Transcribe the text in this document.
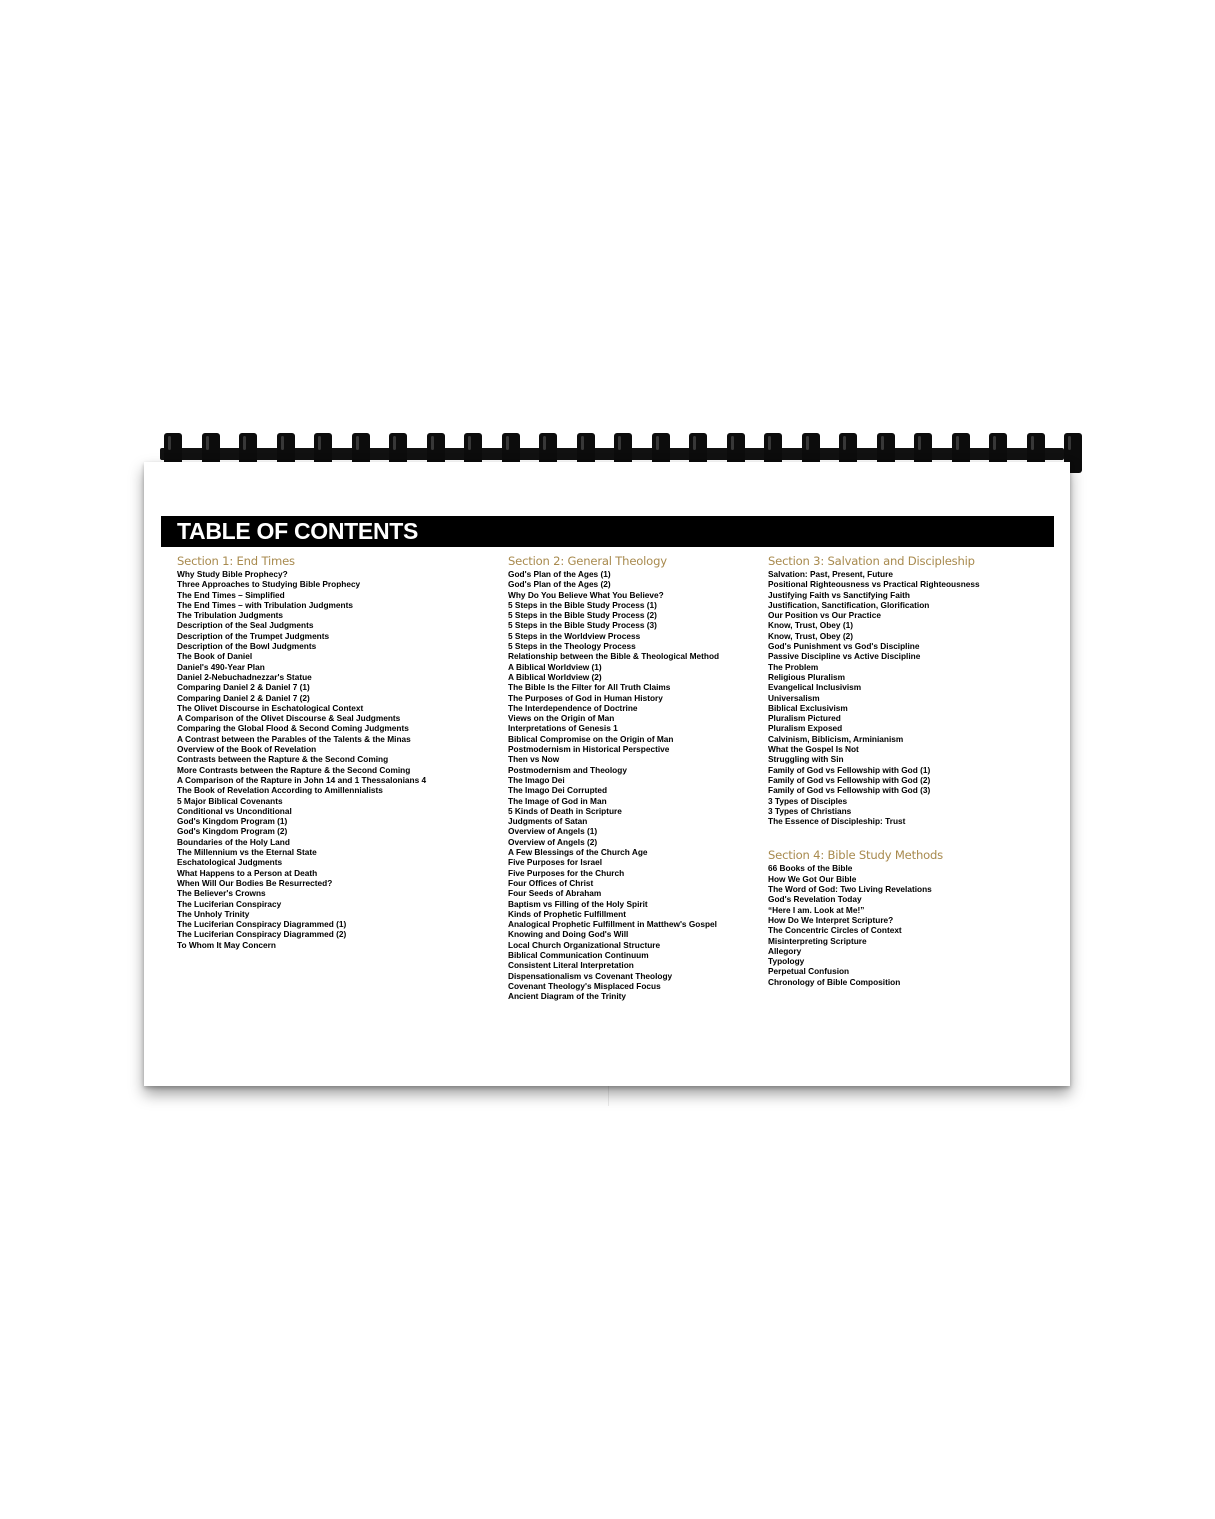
TABLE OF CONTENTS
Section 1: End Times
Why Study Bible Prophecy?
Three Approaches to Studying Bible Prophecy
The End Times – Simplified
The End Times – with Tribulation Judgments
The Tribulation Judgments
Description of the Seal Judgments
Description of the Trumpet Judgments
Description of the Bowl Judgments
The Book of Daniel
Daniel's 490-Year Plan
Daniel 2-Nebuchadnezzar's Statue
Comparing Daniel 2 & Daniel 7 (1)
Comparing Daniel 2 & Daniel 7 (2)
The Olivet Discourse in Eschatological Context
A Comparison of the Olivet Discourse & Seal Judgments
Comparing the Global Flood & Second Coming Judgments
A Contrast between the Parables of the Talents & the Minas
Overview of the Book of Revelation
Contrasts between the Rapture & the Second Coming
More Contrasts between the Rapture & the Second Coming
A Comparison of the Rapture in John 14 and 1 Thessalonians 4
The Book of Revelation According to Amillennialists
5 Major Biblical Covenants
Conditional vs Unconditional
God's Kingdom Program (1)
God's Kingdom Program (2)
Boundaries of the Holy Land
The Millennium vs the Eternal State
Eschatological Judgments
What Happens to a Person at Death
When Will Our Bodies Be Resurrected?
The Believer's Crowns
The Luciferian Conspiracy
The Unholy Trinity
The Luciferian Conspiracy Diagrammed (1)
The Luciferian Conspiracy Diagrammed (2)
To Whom It May Concern
Section 2: General Theology
God's Plan of the Ages (1)
God's Plan of the Ages (2)
Why Do You Believe What You Believe?
5 Steps in the Bible Study Process (1)
5 Steps in the Bible Study Process (2)
5 Steps in the Bible Study Process (3)
5 Steps in the Worldview Process
5 Steps in the Theology Process
Relationship between the Bible & Theological Method
A Biblical Worldview (1)
A Biblical Worldview (2)
The Bible Is the Filter for All Truth Claims
The Purposes of God in Human History
The Interdependence of Doctrine
Views on the Origin of Man
Interpretations of Genesis 1
Biblical Compromise on the Origin of Man
Postmodernism in Historical Perspective
Then vs Now
Postmodernism and Theology
The Imago Dei
The Imago Dei Corrupted
The Image of God in Man
5 Kinds of Death in Scripture
Judgments of Satan
Overview of Angels (1)
Overview of Angels (2)
A Few Blessings of the Church Age
Five Purposes for Israel
Five Purposes for the Church
Four Offices of Christ
Four Seeds of Abraham
Baptism vs Filling of the Holy Spirit
Kinds of Prophetic Fulfillment
Analogical Prophetic Fulfillment in Matthew's Gospel
Knowing and Doing God's Will
Local Church Organizational Structure
Biblical Communication Continuum
Consistent Literal Interpretation
Dispensationalism vs Covenant Theology
Covenant Theology's Misplaced Focus
Ancient Diagram of the Trinity
Section 3: Salvation and Discipleship
Salvation: Past, Present, Future
Positional Righteousness vs Practical Righteousness
Justifying Faith vs Sanctifying Faith
Justification, Sanctification, Glorification
Our Position vs Our Practice
Know, Trust, Obey (1)
Know, Trust, Obey (2)
God's Punishment vs God's Discipline
Passive Discipline vs Active Discipline
The Problem
Religious Pluralism
Evangelical Inclusivism
Universalism
Biblical Exclusivism
Pluralism Pictured
Pluralism Exposed
Calvinism, Biblicism, Arminianism
What the Gospel Is Not
Struggling with Sin
Family of God vs Fellowship with God (1)
Family of God vs Fellowship with God (2)
Family of God vs Fellowship with God (3)
3 Types of Disciples
3 Types of Christians
The Essence of Discipleship: Trust
Section 4: Bible Study Methods
66 Books of the Bible
How We Got Our Bible
The Word of God: Two Living Revelations
God's Revelation Today
“Here I am. Look at Me!”
How Do We Interpret Scripture?
The Concentric Circles of Context
Misinterpreting Scripture
Allegory
Typology
Perpetual Confusion
Chronology of Bible Composition
